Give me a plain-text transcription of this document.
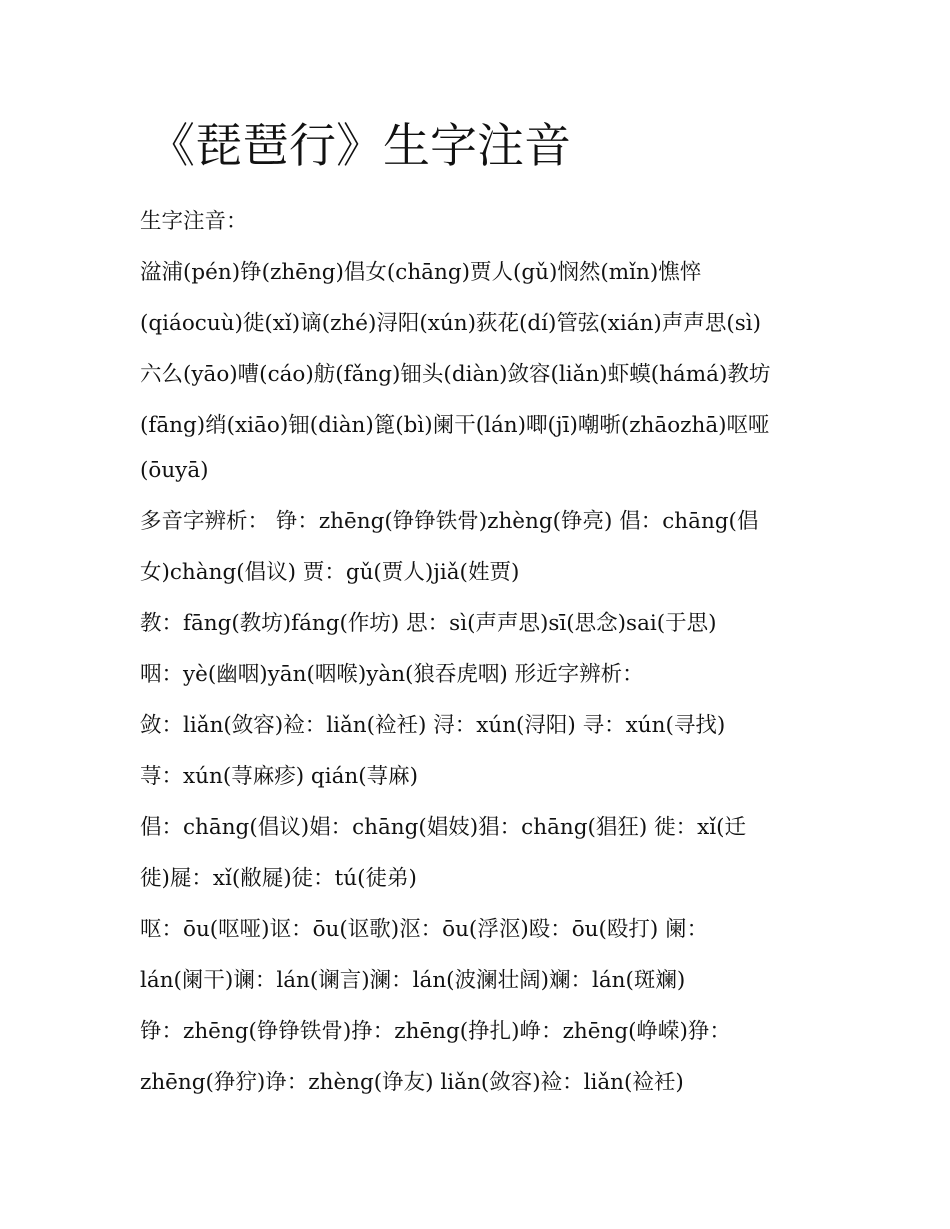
《琵琶行》生字注音
生字注音：
湓浦(pén)铮(zhēng)倡女(chāng)贾人(gǔ)悯然(mǐn)憔悴
(qiáocuù)徙(xǐ)谪(zhé)浔阳(xún)荻花(dí)管弦(xián)声声思(sì)
六么(yāo)嘈(cáo)舫(fǎng)钿头(diàn)敛容(liǎn)虾蟆(hámá)教坊
(fāng)绡(xiāo)钿(diàn)篦(bì)阑干(lán)唧(jī)嘲哳(zhāozhā)呕哑
(ōuyā)
多音字辨析： 铮：zhēng(铮铮铁骨)zhèng(铮亮) 倡：chāng(倡
女)chàng(倡议) 贾：gǔ(贾人)jiǎ(姓贾)
教：fāng(教坊)fáng(作坊) 思：sì(声声思)sī(思念)sai(于思)
咽：yè(幽咽)yān(咽喉)yàn(狼吞虎咽) 形近字辨析：
敛：liǎn(敛容)裣：liǎn(裣衽) 浔：xún(浔阳) 寻：xún(寻找)
荨：xún(荨麻疹) qián(荨麻)
倡：chāng(倡议)娼：chāng(娼妓)猖：chāng(猖狂) 徙：xǐ(迁
徙)屣：xǐ(敝屣)徒：tú(徒弟)
呕：ōu(呕哑)讴：ōu(讴歌)沤：ōu(浮沤)殴：ōu(殴打) 阑：
lán(阑干)谰：lán(谰言)澜：lán(波澜壮阔)斓：lán(斑斓)
铮：zhēng(铮铮铁骨)挣：zhēng(挣扎)峥：zhēng(峥嵘)狰：
zhēng(狰狞)诤：zhèng(诤友) liǎn(敛容)裣：liǎn(裣衽)
